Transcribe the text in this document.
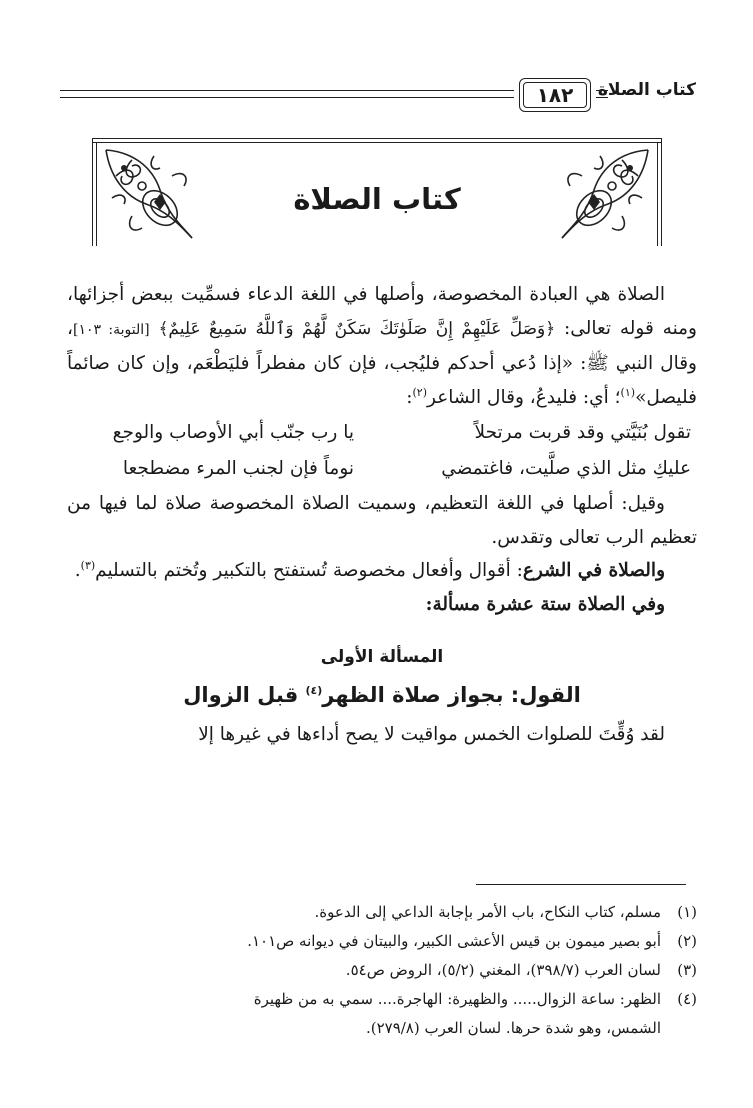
كتاب الصلاة
١٨٢
كتاب الصلاة

الصلاة هي العبادة المخصوصة، وأصلها في اللغة الدعاء فسمِّيت ببعض أجزائها، ومنه قوله تعالى: ﴿وَصَلِّ عَلَيْهِمْ إِنَّ صَلَوٰتَكَ سَكَنٌ لَّهُمْ وَٱللَّهُ سَمِيعٌ عَلِيمٌ﴾ [التوبة: ١٠٣]، وقال النبي ﷺ: «إذا دُعي أحدكم فليُجب، فإن كان مفطراً فليَطْعَم، وإن كان صائماً فليصل»$^{(١)}$؛ أي: فليدعُ، وقال الشاعر$^{(٢)}$:

تقول بُنَيَّتي وقد قربت مرتحلاً
يا رب جنّب أبي الأوصاب والوجع
عليكِ مثل الذي صلَّيت، فاغتمضي
نوماً فإن لجنب المرء مضطجعا

وقيل: أصلها في اللغة التعظيم، وسميت الصلاة المخصوصة صلاة لما فيها من تعظيم الرب تعالى وتقدس.

والصلاة في الشرع: أقوال وأفعال مخصوصة تُستفتح بالتكبير وتُختم بالتسليم$^{(٣)}$.

وفي الصلاة ستة عشرة مسألة:

المسألة الأولى
القول: بجواز صلاة الظهر$^{(٤)}$ قبل الزوال

لقد وُقِّتَ للصلوات الخمس مواقيت لا يصح أداءها في غيرها إلا

(١)مسلم، كتاب النكاح، باب الأمر بإجابة الداعي إلى الدعوة.

(٢)أبو بصير ميمون بن قيس الأعشى الكبير، والبيتان في ديوانه ص١٠١.

(٣)لسان العرب (٣٩٨/٧)، المغني (٥/٢)، الروض ص٥٤.

(٤)الظهر: ساعة الزوال..... والظهيرة: الهاجرة.... سمي به من ظهيرة

الشمس، وهو شدة حرها. لسان العرب (٢٧٩/٨).
